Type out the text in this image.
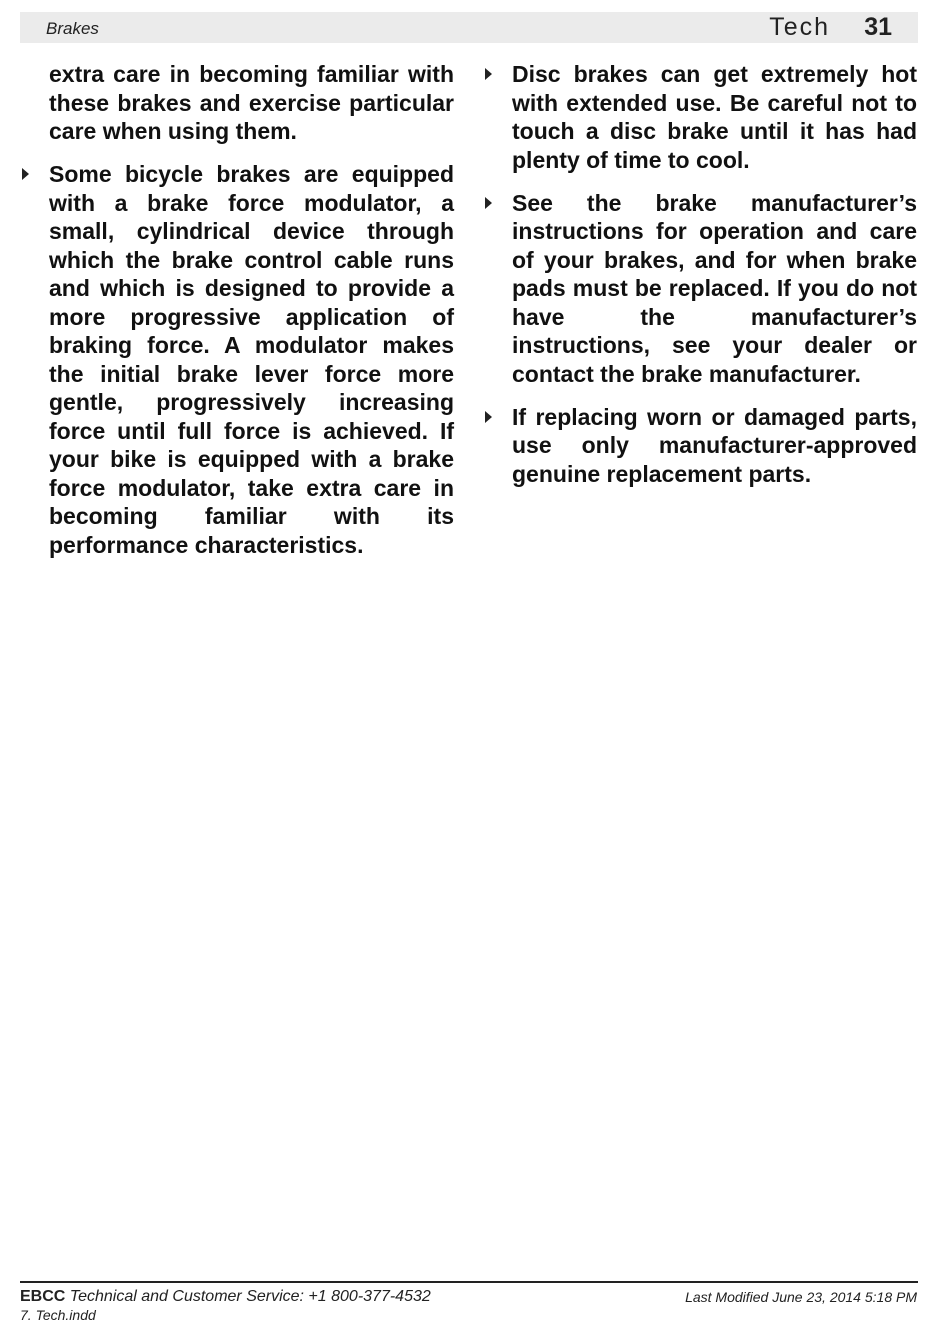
Brakes	Tech 31

extra care in becoming familiar with these brakes and exercise particular care when using them.

Some bicycle brakes are equipped with a brake force modulator, a small, cylindrical device through which the brake control cable runs and which is designed to provide a more progressive application of braking force. A modulator makes the initial brake lever force more gentle, progressively increasing force until full force is achieved. If your bike is equipped with a brake force modulator, take extra care in becoming familiar with its performance characteristics.
Disc brakes can get extremely hot with extended use. Be careful not to touch a disc brake until it has had plenty of time to cool.
See the brake manufacturer’s instructions for operation and care of your brakes, and for when brake pads must be replaced. If you do not have the manufacturer’s instructions, see your dealer or contact the brake manufacturer.
If replacing worn or damaged parts, use only manufacturer-approved genuine replacement parts.
EBCC Technical and Customer Service: +1 800-377-4532
7. Tech.indd
Last Modified June 23, 2014 5:18 PM
